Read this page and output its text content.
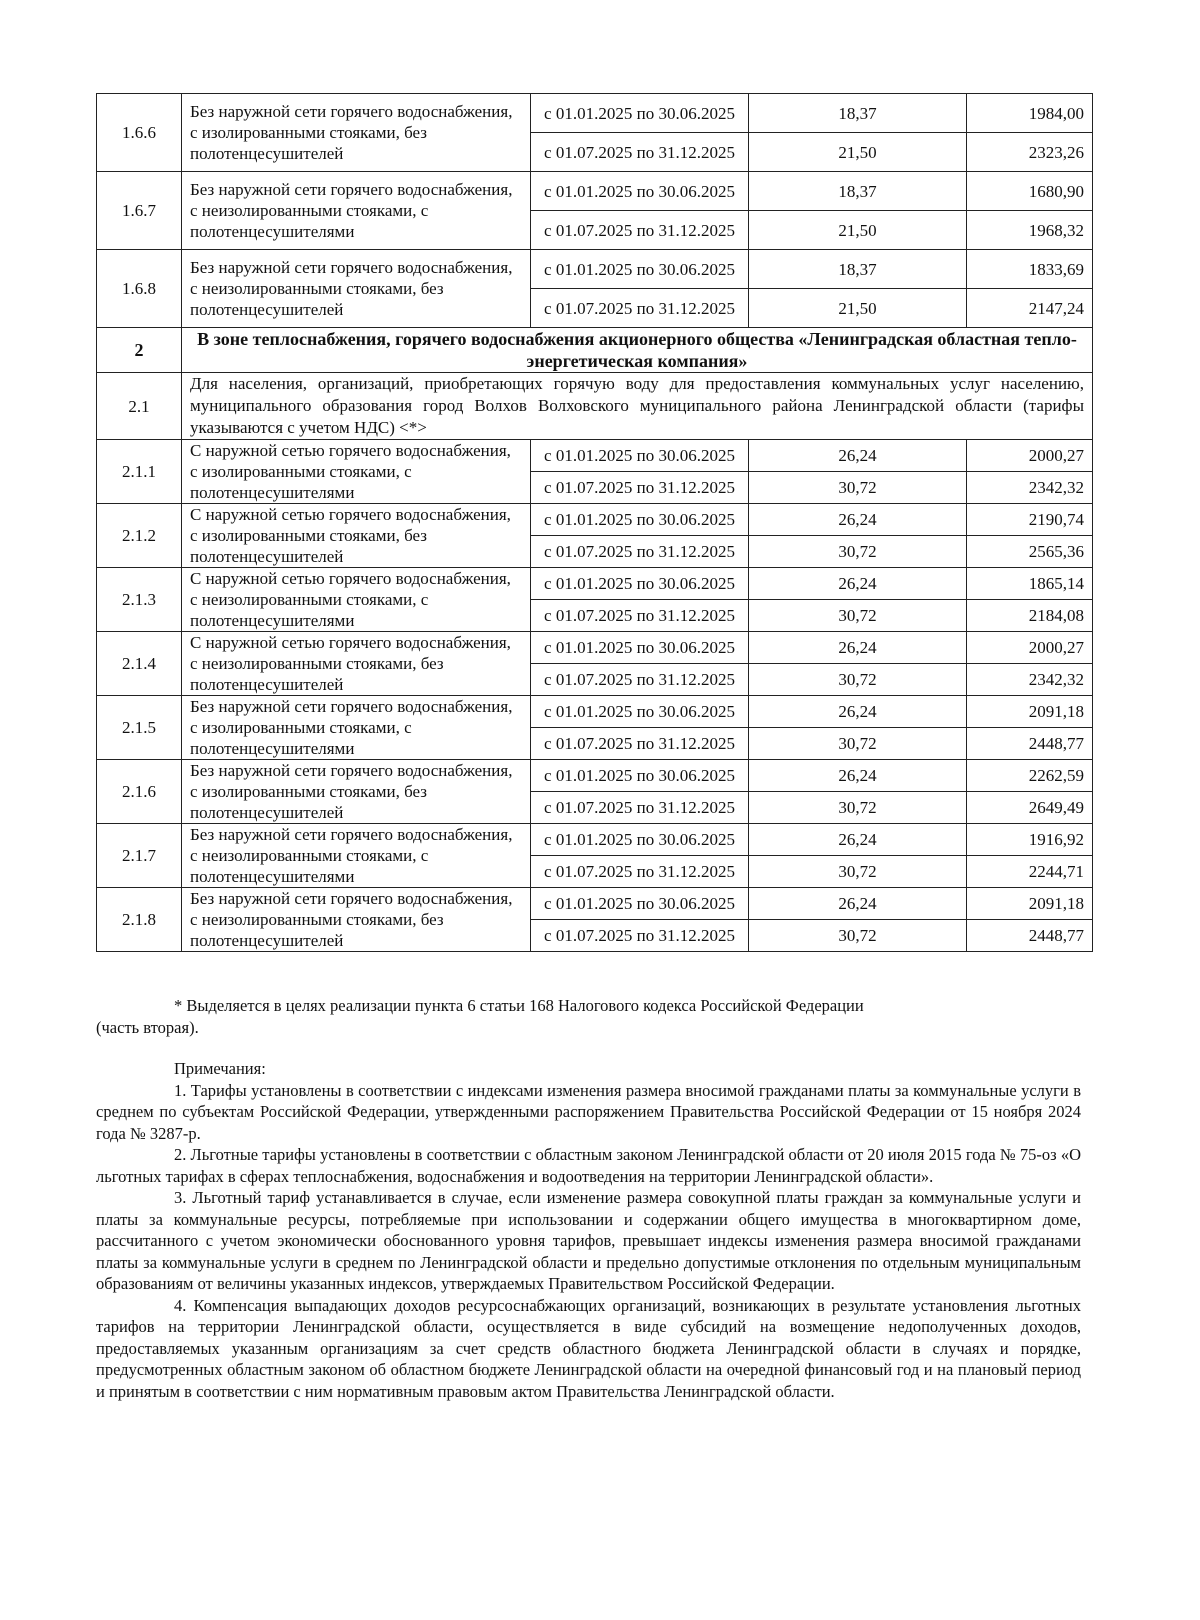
1.6.6	Без наружной сети горячего водоснабжения, с изолированными стояками, без полотенцесушителей	с 01.01.2025 по 30.06.2025	18,37	1984,00
		с 01.07.2025 по 31.12.2025	21,50	2323,26
1.6.7	Без наружной сети горячего водоснабжения, с неизолированными стояками, с полотенцесушителями	с 01.01.2025 по 30.06.2025	18,37	1680,90
		с 01.07.2025 по 31.12.2025	21,50	1968,32
1.6.8	Без наружной сети горячего водоснабжения, с неизолированными стояками, без полотенцесушителей	с 01.01.2025 по 30.06.2025	18,37	1833,69
		с 01.07.2025 по 31.12.2025	21,50	2147,24
2	В зоне теплоснабжения, горячего водоснабжения акционерного общества «Ленинградская областная тепло-энергетическая компания»			
2.1	Для населения, организаций, приобретающих горячую воду для предоставления коммунальных услуг населению, муниципального образования город Волхов Волховского муниципального района Ленинградской области (тарифы указываются с учетом НДС) <*>			
2.1.1	С наружной сетью горячего водоснабжения, с изолированными стояками, с полотенцесушителями	с 01.01.2025 по 30.06.2025	26,24	2000,27
		с 01.07.2025 по 31.12.2025	30,72	2342,32
2.1.2	С наружной сетью горячего водоснабжения, с изолированными стояками, без полотенцесушителей	с 01.01.2025 по 30.06.2025	26,24	2190,74
		с 01.07.2025 по 31.12.2025	30,72	2565,36
2.1.3	С наружной сетью горячего водоснабжения, с неизолированными стояками, с полотенцесушителями	с 01.01.2025 по 30.06.2025	26,24	1865,14
		с 01.07.2025 по 31.12.2025	30,72	2184,08
2.1.4	С наружной сетью горячего водоснабжения, с неизолированными стояками, без полотенцесушителей	с 01.01.2025 по 30.06.2025	26,24	2000,27
		с 01.07.2025 по 31.12.2025	30,72	2342,32
2.1.5	Без наружной сети горячего водоснабжения, с изолированными стояками, с полотенцесушителями	с 01.01.2025 по 30.06.2025	26,24	2091,18
		с 01.07.2025 по 31.12.2025	30,72	2448,77
2.1.6	Без наружной сети горячего водоснабжения, с изолированными стояками, без полотенцесушителей	с 01.01.2025 по 30.06.2025	26,24	2262,59
		с 01.07.2025 по 31.12.2025	30,72	2649,49
2.1.7	Без наружной сети горячего водоснабжения, с неизолированными стояками, с полотенцесушителями	с 01.01.2025 по 30.06.2025	26,24	1916,92
		с 01.07.2025 по 31.12.2025	30,72	2244,71
2.1.8	Без наружной сети горячего водоснабжения, с неизолированными стояками, без полотенцесушителей	с 01.01.2025 по 30.06.2025	26,24	2091,18
		с 01.07.2025 по 31.12.2025	30,72	2448,77

* Выделяется в целях реализации пункта 6 статьи 168 Налогового кодекса Российской Федерации

(часть вторая).

Примечания:

1. Тарифы установлены в соответствии с индексами изменения размера вносимой гражданами платы за коммунальные услуги в среднем по субъектам Российской Федерации, утвержденными распоряжением Правительства Российской Федерации от 15 ноября 2024 года № 3287-р.

2. Льготные тарифы установлены в соответствии с областным законом Ленинградской области от 20 июля 2015 года № 75-оз «О льготных тарифах в сферах теплоснабжения, водоснабжения и водоотведения на территории Ленинградской области».

3. Льготный тариф устанавливается в случае, если изменение размера совокупной платы граждан за коммунальные услуги и платы за коммунальные ресурсы, потребляемые при использовании и содержании общего имущества в многоквартирном доме, рассчитанного с учетом экономически обоснованного уровня тарифов, превышает индексы изменения размера вносимой гражданами платы за коммунальные услуги в среднем по Ленинградской области и предельно допустимые отклонения по отдельным муниципальным образованиям от величины указанных индексов, утверждаемых Правительством Российской Федерации.

4. Компенсация выпадающих доходов ресурсоснабжающих организаций, возникающих в результате установления льготных тарифов на территории Ленинградской области, осуществляется в виде субсидий на возмещение недополученных доходов, предоставляемых указанным организациям за счет средств областного бюджета Ленинградской области в случаях и порядке, предусмотренных областным законом об областном бюджете Ленинградской области на очередной финансовый год и на плановый период и принятым в соответствии с ним нормативным правовым актом Правительства Ленинградской области.
